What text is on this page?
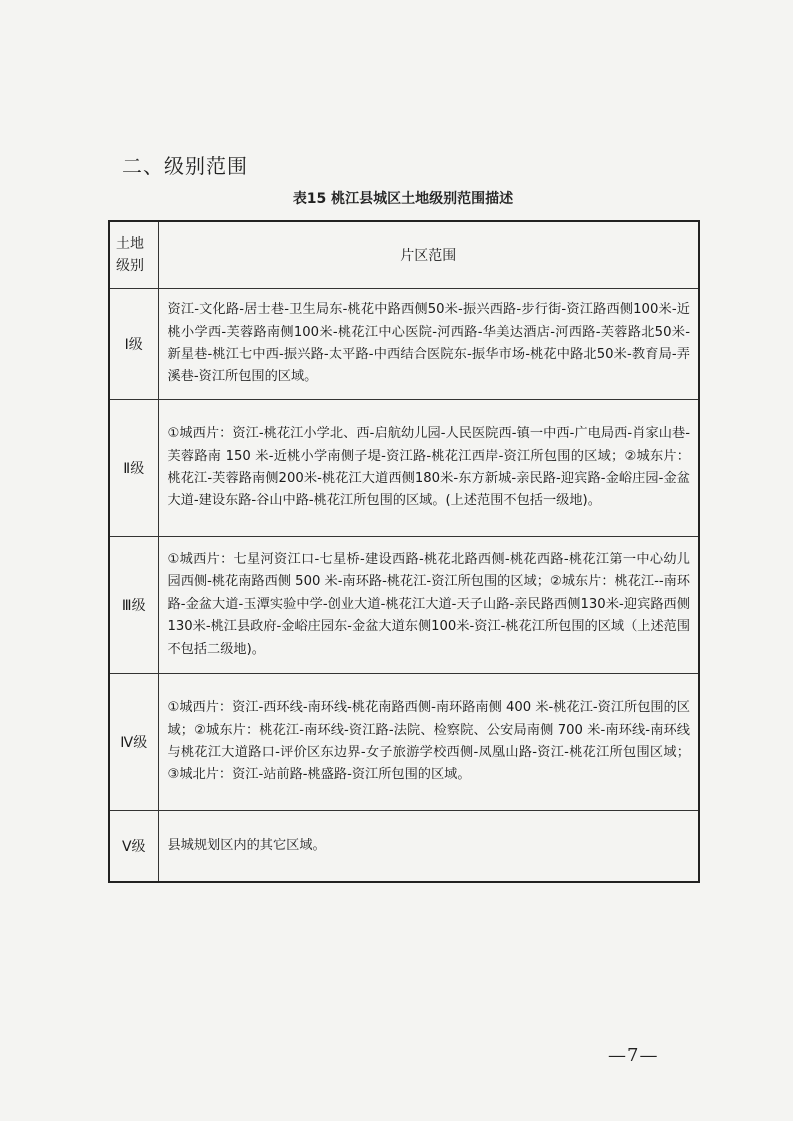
二、级别范围
表15 桃江县城区土地级别范围描述
土地级别	片区范围
Ⅰ级	资江-文化路-居士巷-卫生局东-桃花中路西侧50米-振兴西路-步行街-资江路西侧100米-近桃小学西-芙蓉路南侧100米-桃花江中心医院-河西路-华美达酒店-河西路-芙蓉路北50米-新星巷-桃江七中西-振兴路-太平路-中西结合医院东-振华市场-桃花中路北50米-教育局-弄溪巷-资江所包围的区域。
Ⅱ级	①城西片：资江-桃花江小学北、西-启航幼儿园-人民医院西-镇一中西-广电局西-肖家山巷-芙蓉路南 150 米-近桃小学南侧子堤-资江路-桃花江西岸-资江所包围的区域；②城东片：桃花江-芙蓉路南侧200米-桃花江大道西侧180米-东方新城-亲民路-迎宾路-金峪庄园-金盆大道-建设东路-谷山中路-桃花江所包围的区域。(上述范围不包括一级地)。
Ⅲ级	①城西片：七星河资江口-七星桥-建设西路-桃花北路西侧-桃花西路-桃花江第一中心幼儿园西侧-桃花南路西侧 500 米-南环路-桃花江-资江所包围的区域；②城东片：桃花江--南环路-金盆大道-玉潭实验中学-创业大道-桃花江大道-天子山路-亲民路西侧130米-迎宾路西侧130米-桃江县政府-金峪庄园东-金盆大道东侧100米-资江-桃花江所包围的区域（上述范围不包括二级地)。
Ⅳ级	①城西片：资江-西环线-南环线-桃花南路西侧-南环路南侧 400 米-桃花江-资江所包围的区域；②城东片：桃花江-南环线-资江路-法院、检察院、公安局南侧 700 米-南环线-南环线与桃花江大道路口-评价区东边界-女子旅游学校西侧-凤凰山路-资江-桃花江所包围区域；③城北片：资江-站前路-桃盛路-资江所包围的区域。
Ⅴ级	县城规划区内的其它区域。
—7—
